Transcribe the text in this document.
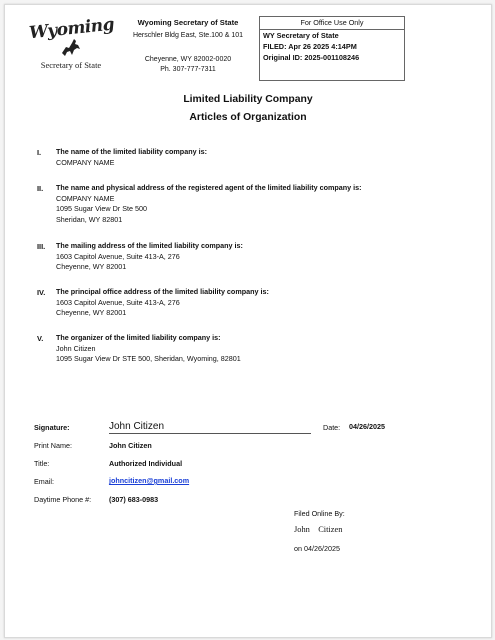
Wyoming
Secretary of State
Wyoming Secretary of State
Herschler Bldg East, Ste.100 & 101
Cheyenne, WY 82002-0020
Ph. 307-777-7311
For Office Use Only
WY Secretary of State
FILED: Apr 26 2025 4:14PM
Original ID: 2025-001108246
Limited Liability Company
Articles of Organization
I. The name of the limited liability company is:
COMPANY NAME
II. The name and physical address of the registered agent of the limited liability company is:
COMPANY NAME
1095 Sugar View Dr Ste 500
Sheridan, WY 82801
III. The mailing address of the limited liability company is:
1603 Capitol Avenue, Suite 413-A, 276
Cheyenne, WY 82001
IV. The principal office address of the limited liability company is:
1603 Capitol Avenue, Suite 413-A, 276
Cheyenne, WY 82001
V. The organizer of the limited liability company is:
John Citizen
1095 Sugar View Dr STE 500, Sheridan, Wyoming, 82801
Signature:	John Citizen	Date: 04/26/2025
Print Name:	John Citizen
Title:	Authorized Individual
Email:	johncitizen@gmail.com
Daytime Phone #: (307) 683-0983
Filed Online By:
John    Citizen
on 04/26/2025
